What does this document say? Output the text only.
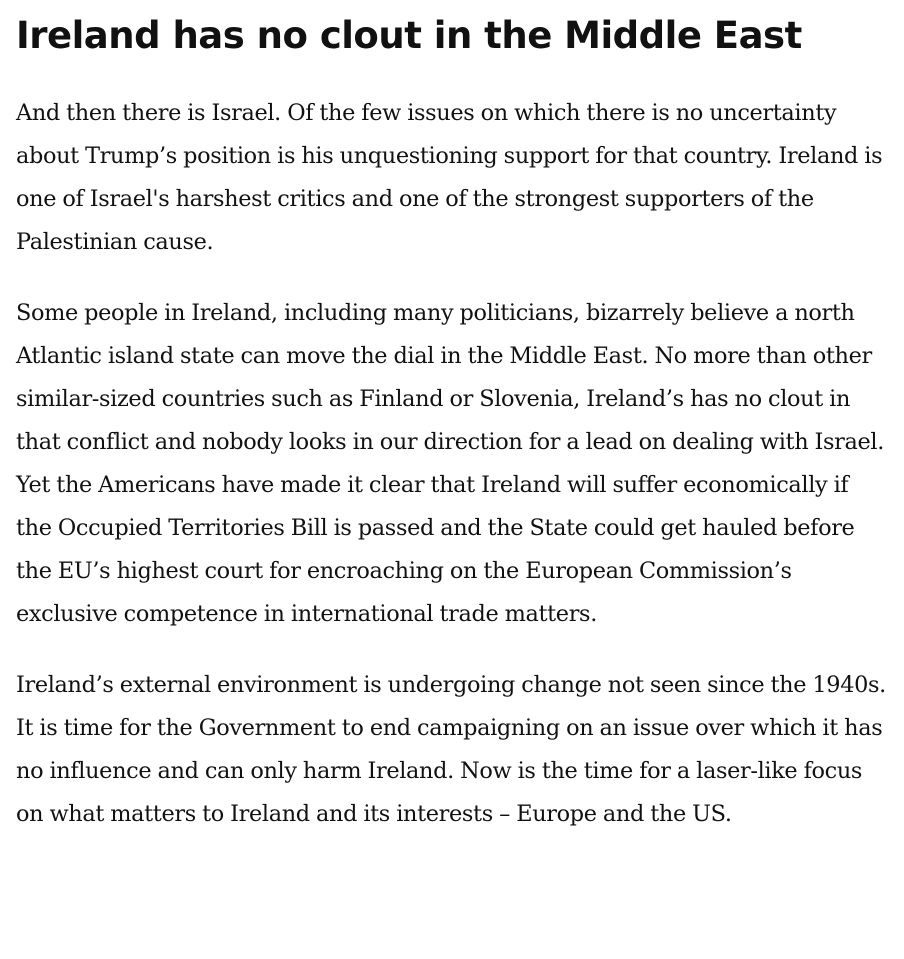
Ireland has no clout in the Middle East

And then there is Israel. Of the few issues on which there is no uncertainty about Trump’s position is his unquestioning support for that country. Ireland is one of Israel's harshest critics and one of the strongest supporters of the Palestinian cause.

Some people in Ireland, including many politicians, bizarrely believe a north Atlantic island state can move the dial in the Middle East. No more than other similar-sized countries such as Finland or Slovenia, Ireland’s has no clout in that conflict and nobody looks in our direction for a lead on dealing with Israel. Yet the Americans have made it clear that Ireland will suffer economically if the Occupied Territories Bill is passed and the State could get hauled before the EU’s highest court for encroaching on the European Commission’s exclusive competence in international trade matters.

Ireland’s external environment is undergoing change not seen since the 1940s. It is time for the Government to end campaigning on an issue over which it has no influence and can only harm Ireland. Now is the time for a laser-like focus on what matters to Ireland and its interests – Europe and the US.
